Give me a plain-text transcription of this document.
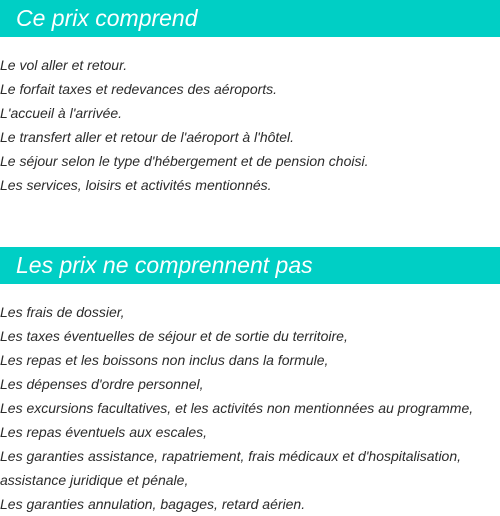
Ce prix comprend
Le vol aller et retour.
Le forfait taxes et redevances des aéroports.
L'accueil à l'arrivée.
Le transfert aller et retour de l'aéroport à l'hôtel.
Le séjour selon le type d'hébergement et de pension choisi.
Les services, loisirs et activités mentionnés.
Les prix ne comprennent pas
Les frais de dossier,
Les taxes éventuelles de séjour et de sortie du territoire,
Les repas et les boissons non inclus dans la formule,
Les dépenses d'ordre personnel,
Les excursions facultatives, et les activités non mentionnées au programme,
Les repas éventuels aux escales,
Les garanties assistance, rapatriement, frais médicaux et d'hospitalisation,
assistance juridique et pénale,
Les garanties annulation, bagages, retard aérien.
